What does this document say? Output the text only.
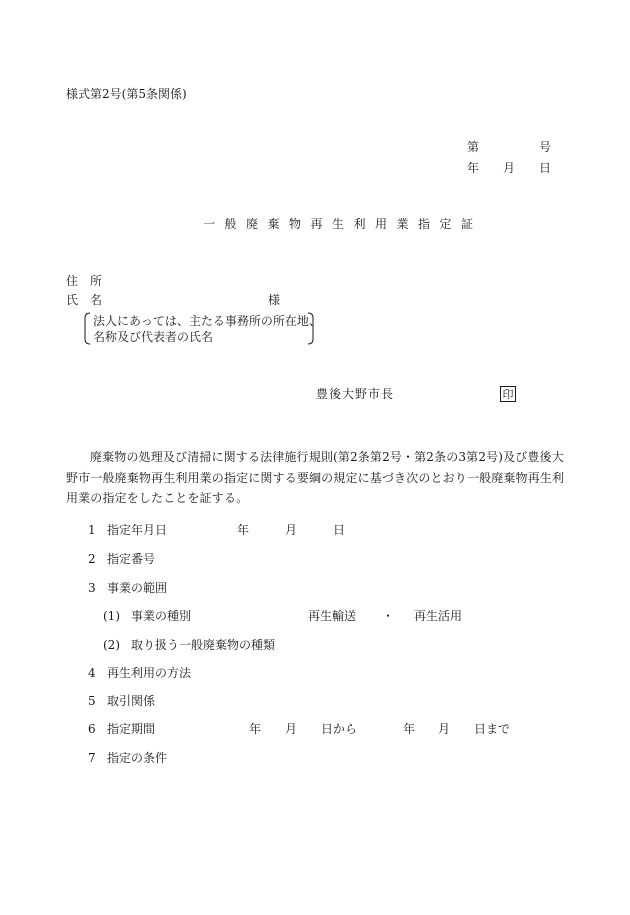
様式第2号(第5条関係)
第	号
年 月 日
一般廃棄物再生利用業指定証
住　所
氏　名	様
法人にあっては、主たる事務所の所在地、
名称及び代表者の氏名
豊後大野市長	印
廃棄物の処理及び清掃に関する法律施行規則(第2条第2号・第2条の3第2号)及び豊後大野市一般廃棄物再生利用業の指定に関する要綱の規定に基づき次のとおり一般廃棄物再生利用業の指定をしたことを証する。
1 指定年月日	年	月	日
2 指定番号
3 事業の範囲
(1) 事業の種別	再生輸送 ・ 再生活用
(2) 取り扱う一般廃棄物の種類
4 再生利用の方法
5 取引関係
6 指定期間	年 月 日から	年 月 日まで
7 指定の条件
